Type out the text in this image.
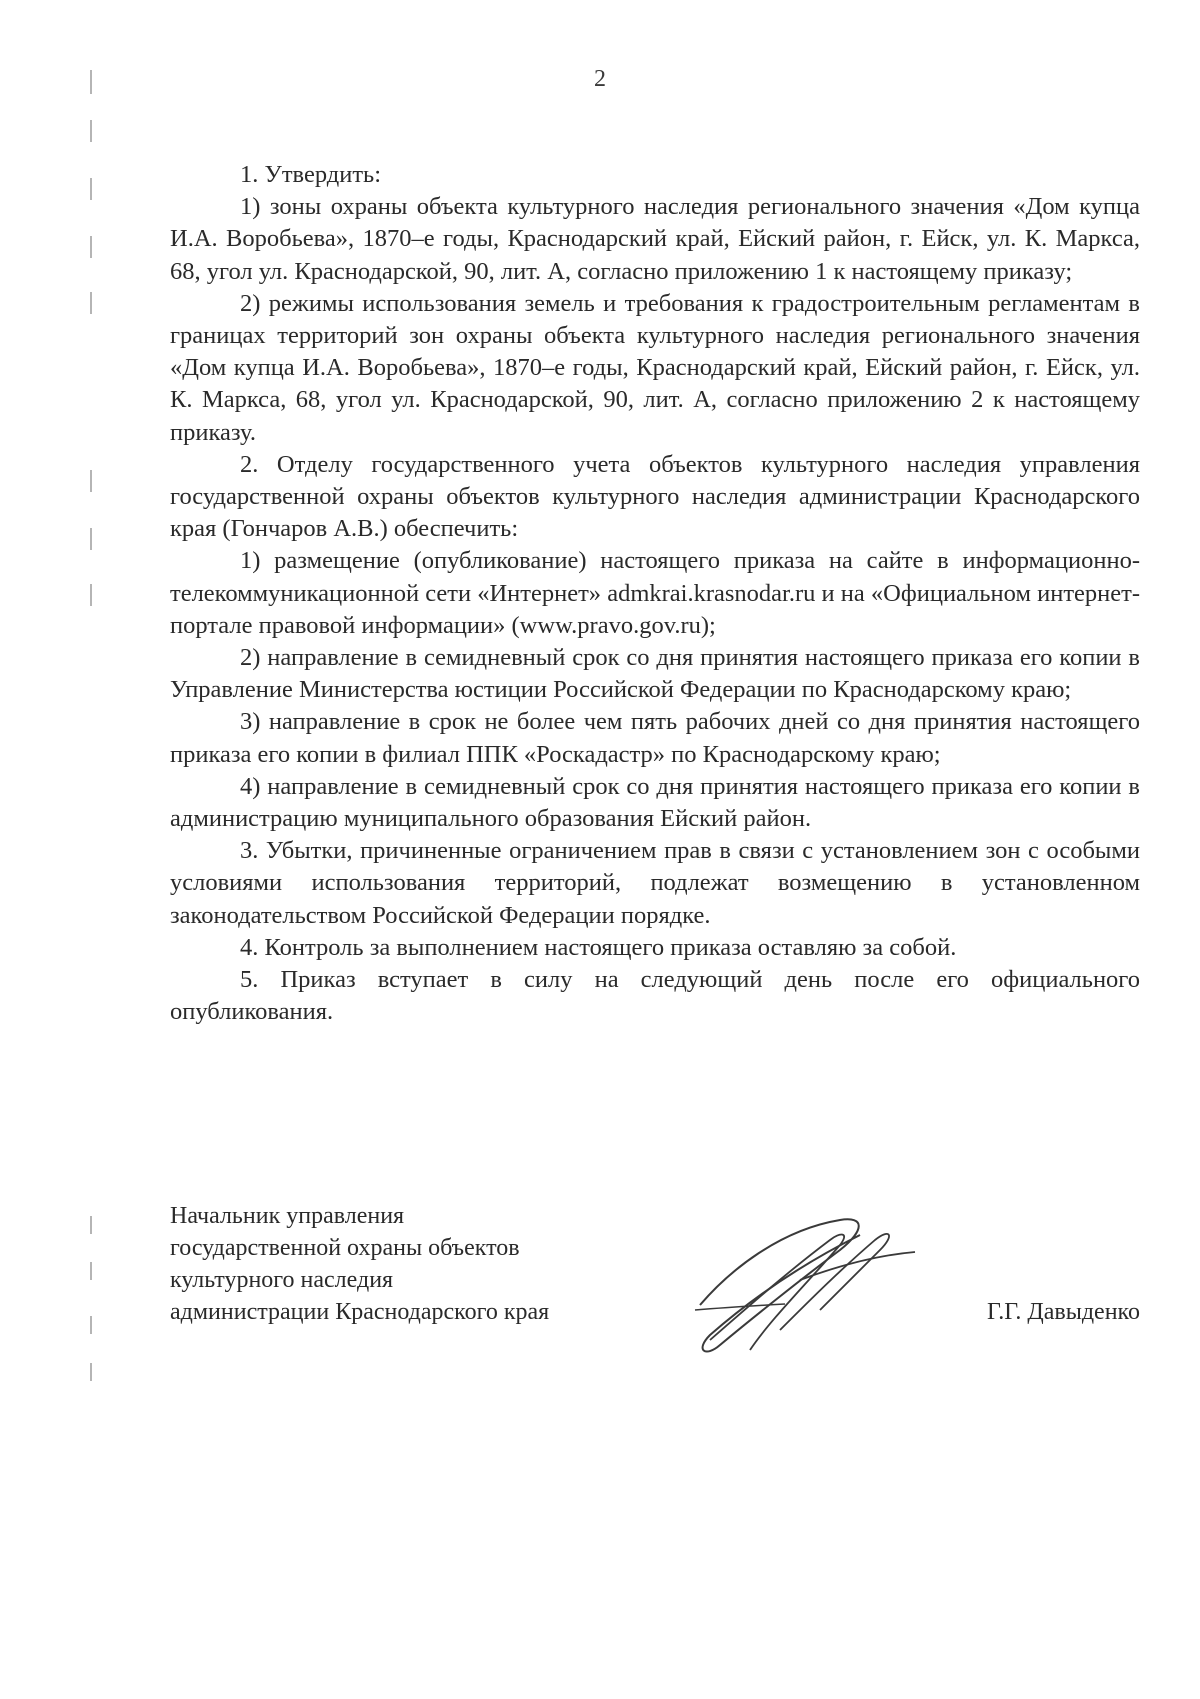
2

1. Утвердить:

1) зоны охраны объекта культурного наследия регионального значения «Дом купца И.А. Воробьева», 1870–е годы, Краснодарский край, Ейский район, г. Ейск, ул. К. Маркса, 68, угол ул. Краснодарской, 90, лит. А, согласно приложению 1 к настоящему приказу;

2) режимы использования земель и требования к градостроительным регламентам в границах территорий зон охраны объекта культурного наследия регионального значения «Дом купца И.А. Воробьева», 1870–е годы, Краснодарский край, Ейский район, г. Ейск, ул. К. Маркса, 68, угол ул. Краснодарской, 90, лит. А, согласно приложению 2 к настоящему приказу.

2. Отделу государственного учета объектов культурного наследия управления государственной охраны объектов культурного наследия администрации Краснодарского края (Гончаров А.В.) обеспечить:

1) размещение (опубликование) настоящего приказа на сайте в информационно-телекоммуникационной сети «Интернет» admkrai.krasnodar.ru и на «Официальном интернет-портале правовой информации» (www.pravo.gov.ru);

2) направление в семидневный срок со дня принятия настоящего приказа его копии в Управление Министерства юстиции Российской Федерации по Краснодарскому краю;

3) направление в срок не более чем пять рабочих дней со дня принятия настоящего приказа его копии в филиал ППК «Роскадастр» по Краснодарскому краю;

4) направление в семидневный срок со дня принятия настоящего приказа его копии в администрацию муниципального образования Ейский район.

3. Убытки, причиненные ограничением прав в связи с установлением зон с особыми условиями использования территорий, подлежат возмещению в установленном законодательством Российской Федерации порядке.

4. Контроль за выполнением настоящего приказа оставляю за собой.

5. Приказ вступает в силу на следующий день после его официального опубликования.

Начальник управления
государственной охраны объектов
культурного наследия
администрации Краснодарского края	Г.Г. Давыденко
